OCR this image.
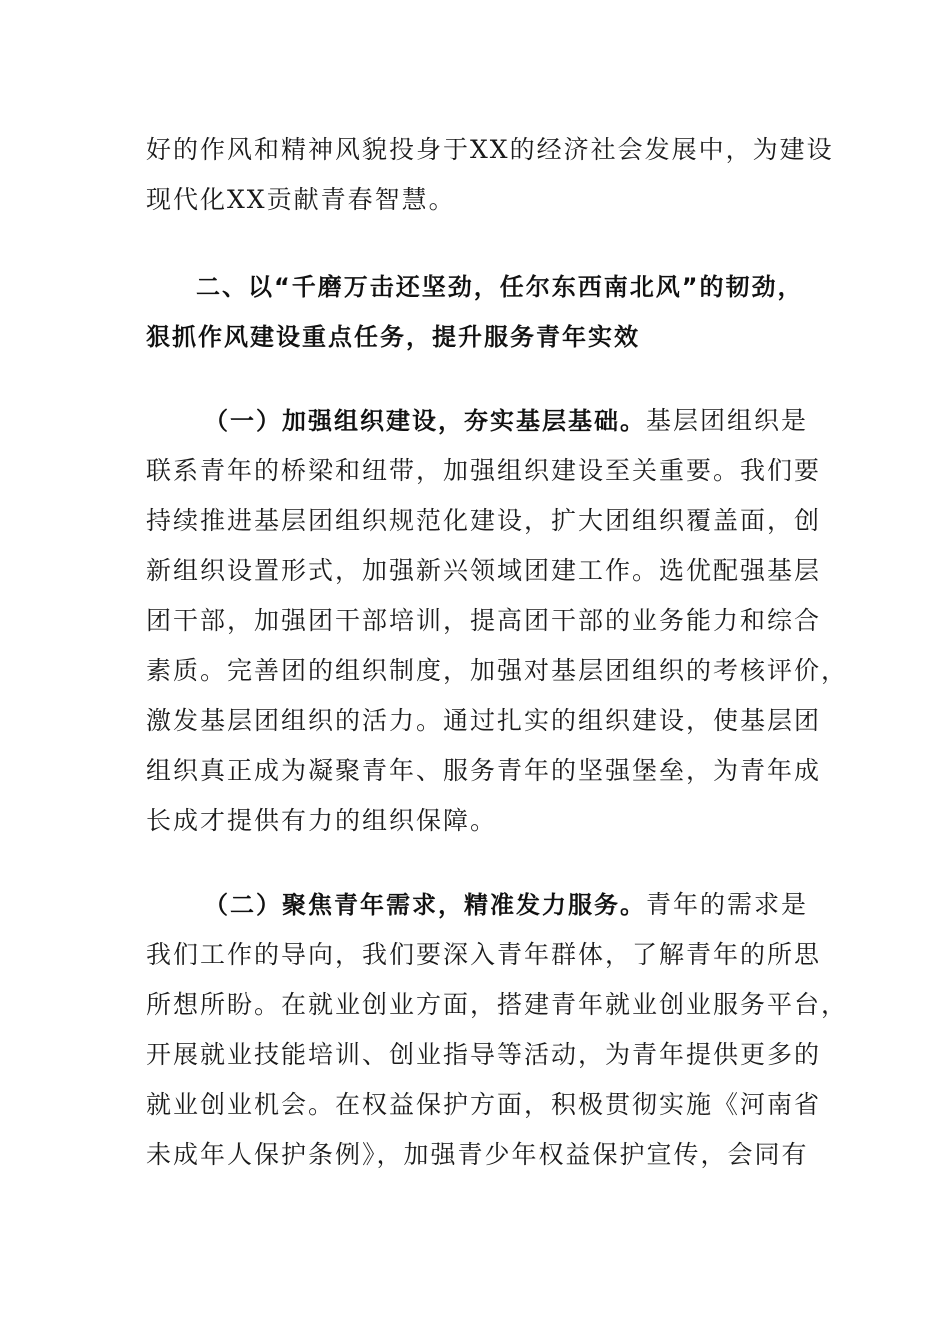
好的作风和精神风貌投身于XX的经济社会发展中，为建设
现代化XX贡献青春智慧。
二、以“千磨万击还坚劲，任尔东西南北风”的韧劲，
狠抓作风建设重点任务，提升服务青年实效
（一）加强组织建设，夯实基层基础。基层团组织是
联系青年的桥梁和纽带，加强组织建设至关重要。我们要
持续推进基层团组织规范化建设，扩大团组织覆盖面，创
新组织设置形式，加强新兴领域团建工作。选优配强基层
团干部，加强团干部培训，提高团干部的业务能力和综合
素质。完善团的组织制度，加强对基层团组织的考核评价，
激发基层团组织的活力。通过扎实的组织建设，使基层团
组织真正成为凝聚青年、服务青年的坚强堡垒，为青年成
长成才提供有力的组织保障。
（二）聚焦青年需求，精准发力服务。青年的需求是
我们工作的导向，我们要深入青年群体，了解青年的所思
所想所盼。在就业创业方面，搭建青年就业创业服务平台，
开展就业技能培训、创业指导等活动，为青年提供更多的
就业创业机会。在权益保护方面，积极贯彻实施《河南省
未成年人保护条例》，加强青少年权益保护宣传，会同有
